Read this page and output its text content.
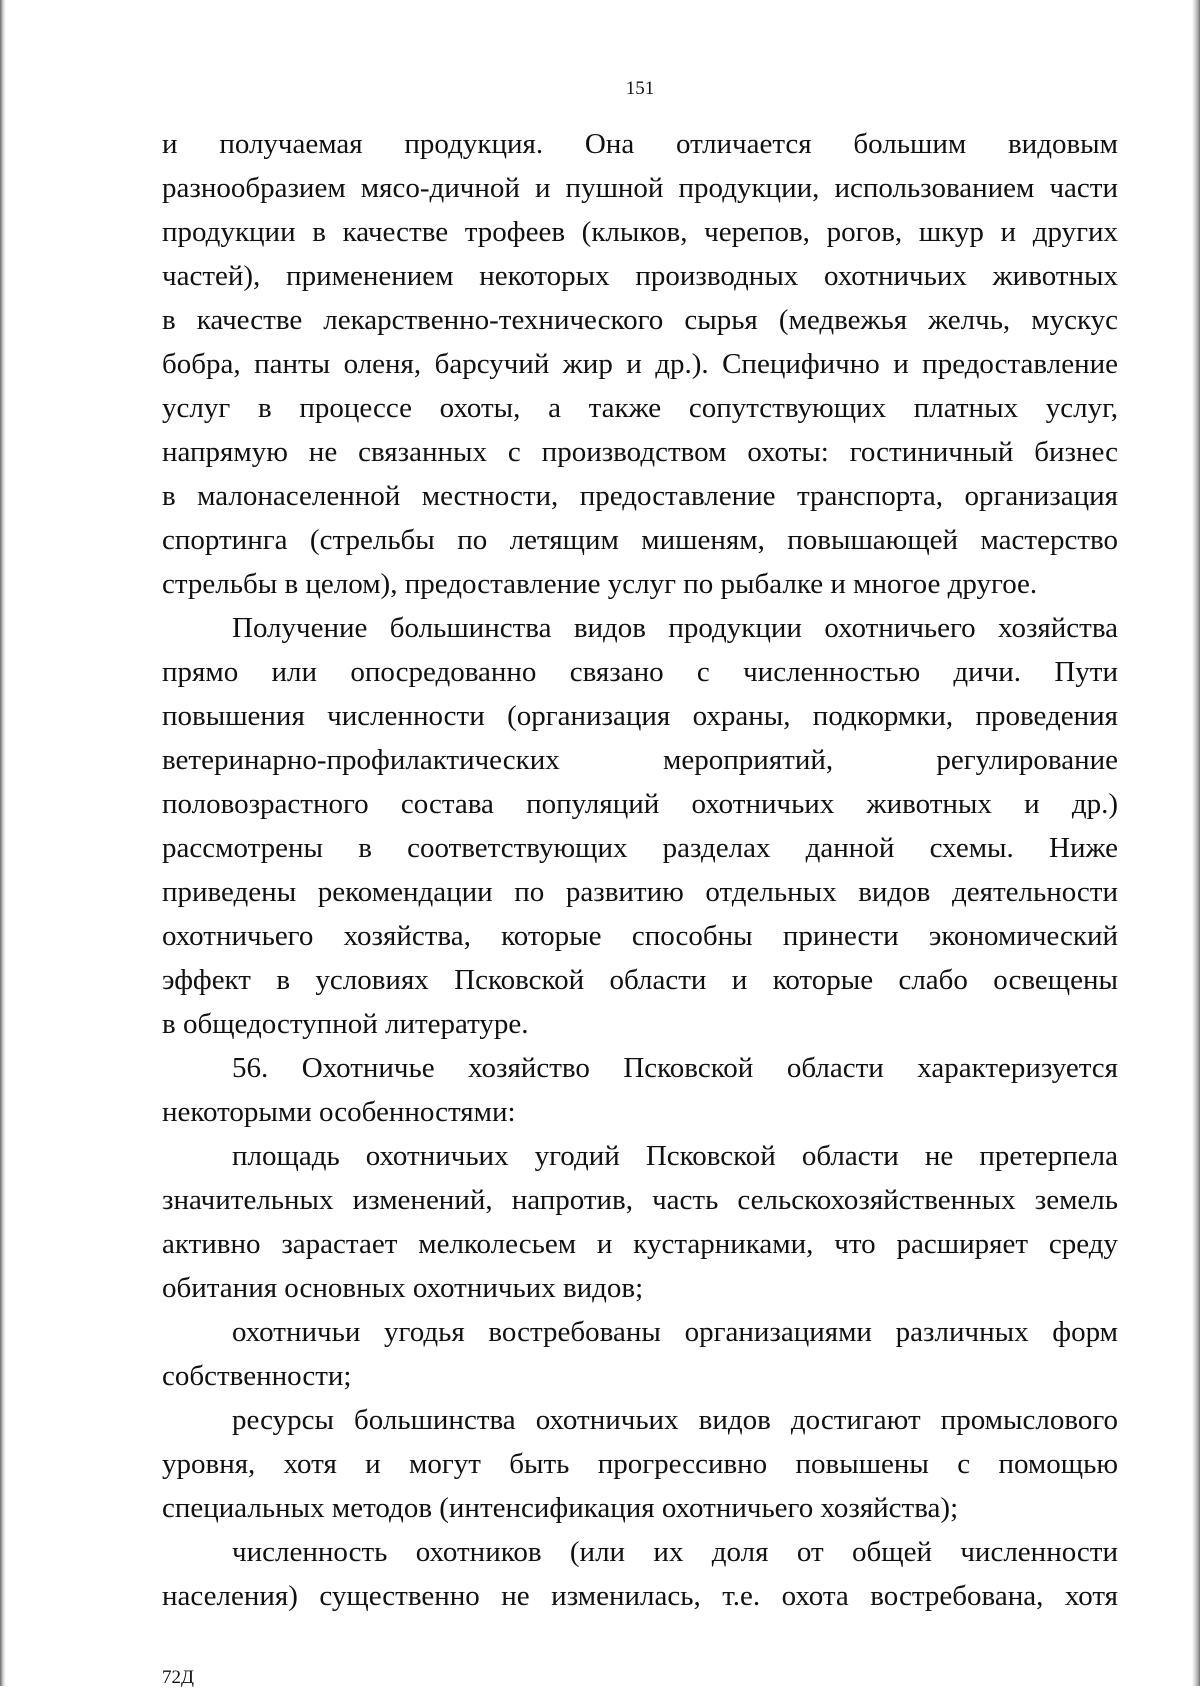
151
и получаемая продукция. Она отличается большим видовым
разнообразием мясо-дичной и пушной продукции, использованием части
продукции в качестве трофеев (клыков, черепов, рогов, шкур и других
частей), применением некоторых производных охотничьих животных
в качестве лекарственно-технического сырья (медвежья желчь, мускус
бобра, панты оленя, барсучий жир и др.). Специфично и предоставление
услуг в процессе охоты, а также сопутствующих платных услуг,
напрямую не связанных с производством охоты: гостиничный бизнес
в малонаселенной местности, предоставление транспорта, организация
спортинга (стрельбы по летящим мишеням, повышающей мастерство
стрельбы в целом), предоставление услуг по рыбалке и многое другое.
Получение большинства видов продукции охотничьего хозяйства
прямо или опосредованно связано с численностью дичи. Пути
повышения численности (организация охраны, подкормки, проведения
ветеринарно-профилактических мероприятий, регулирование
половозрастного состава популяций охотничьих животных и др.)
рассмотрены в соответствующих разделах данной схемы. Ниже
приведены рекомендации по развитию отдельных видов деятельности
охотничьего хозяйства, которые способны принести экономический
эффект в условиях Псковской области и которые слабо освещены
в общедоступной литературе.
56. Охотничье хозяйство Псковской области характеризуется
некоторыми особенностями:
площадь охотничьих угодий Псковской области не претерпела
значительных изменений, напротив, часть сельскохозяйственных земель
активно зарастает мелколесьем и кустарниками, что расширяет среду
обитания основных охотничьих видов;
охотничьи угодья востребованы организациями различных форм
собственности;
ресурсы большинства охотничьих видов достигают промыслового
уровня, хотя и могут быть прогрессивно повышены с помощью
специальных методов (интенсификация охотничьего хозяйства);
численность охотников (или их доля от общей численности
населения) существенно не изменилась, т.е. охота востребована, хотя
72Д
